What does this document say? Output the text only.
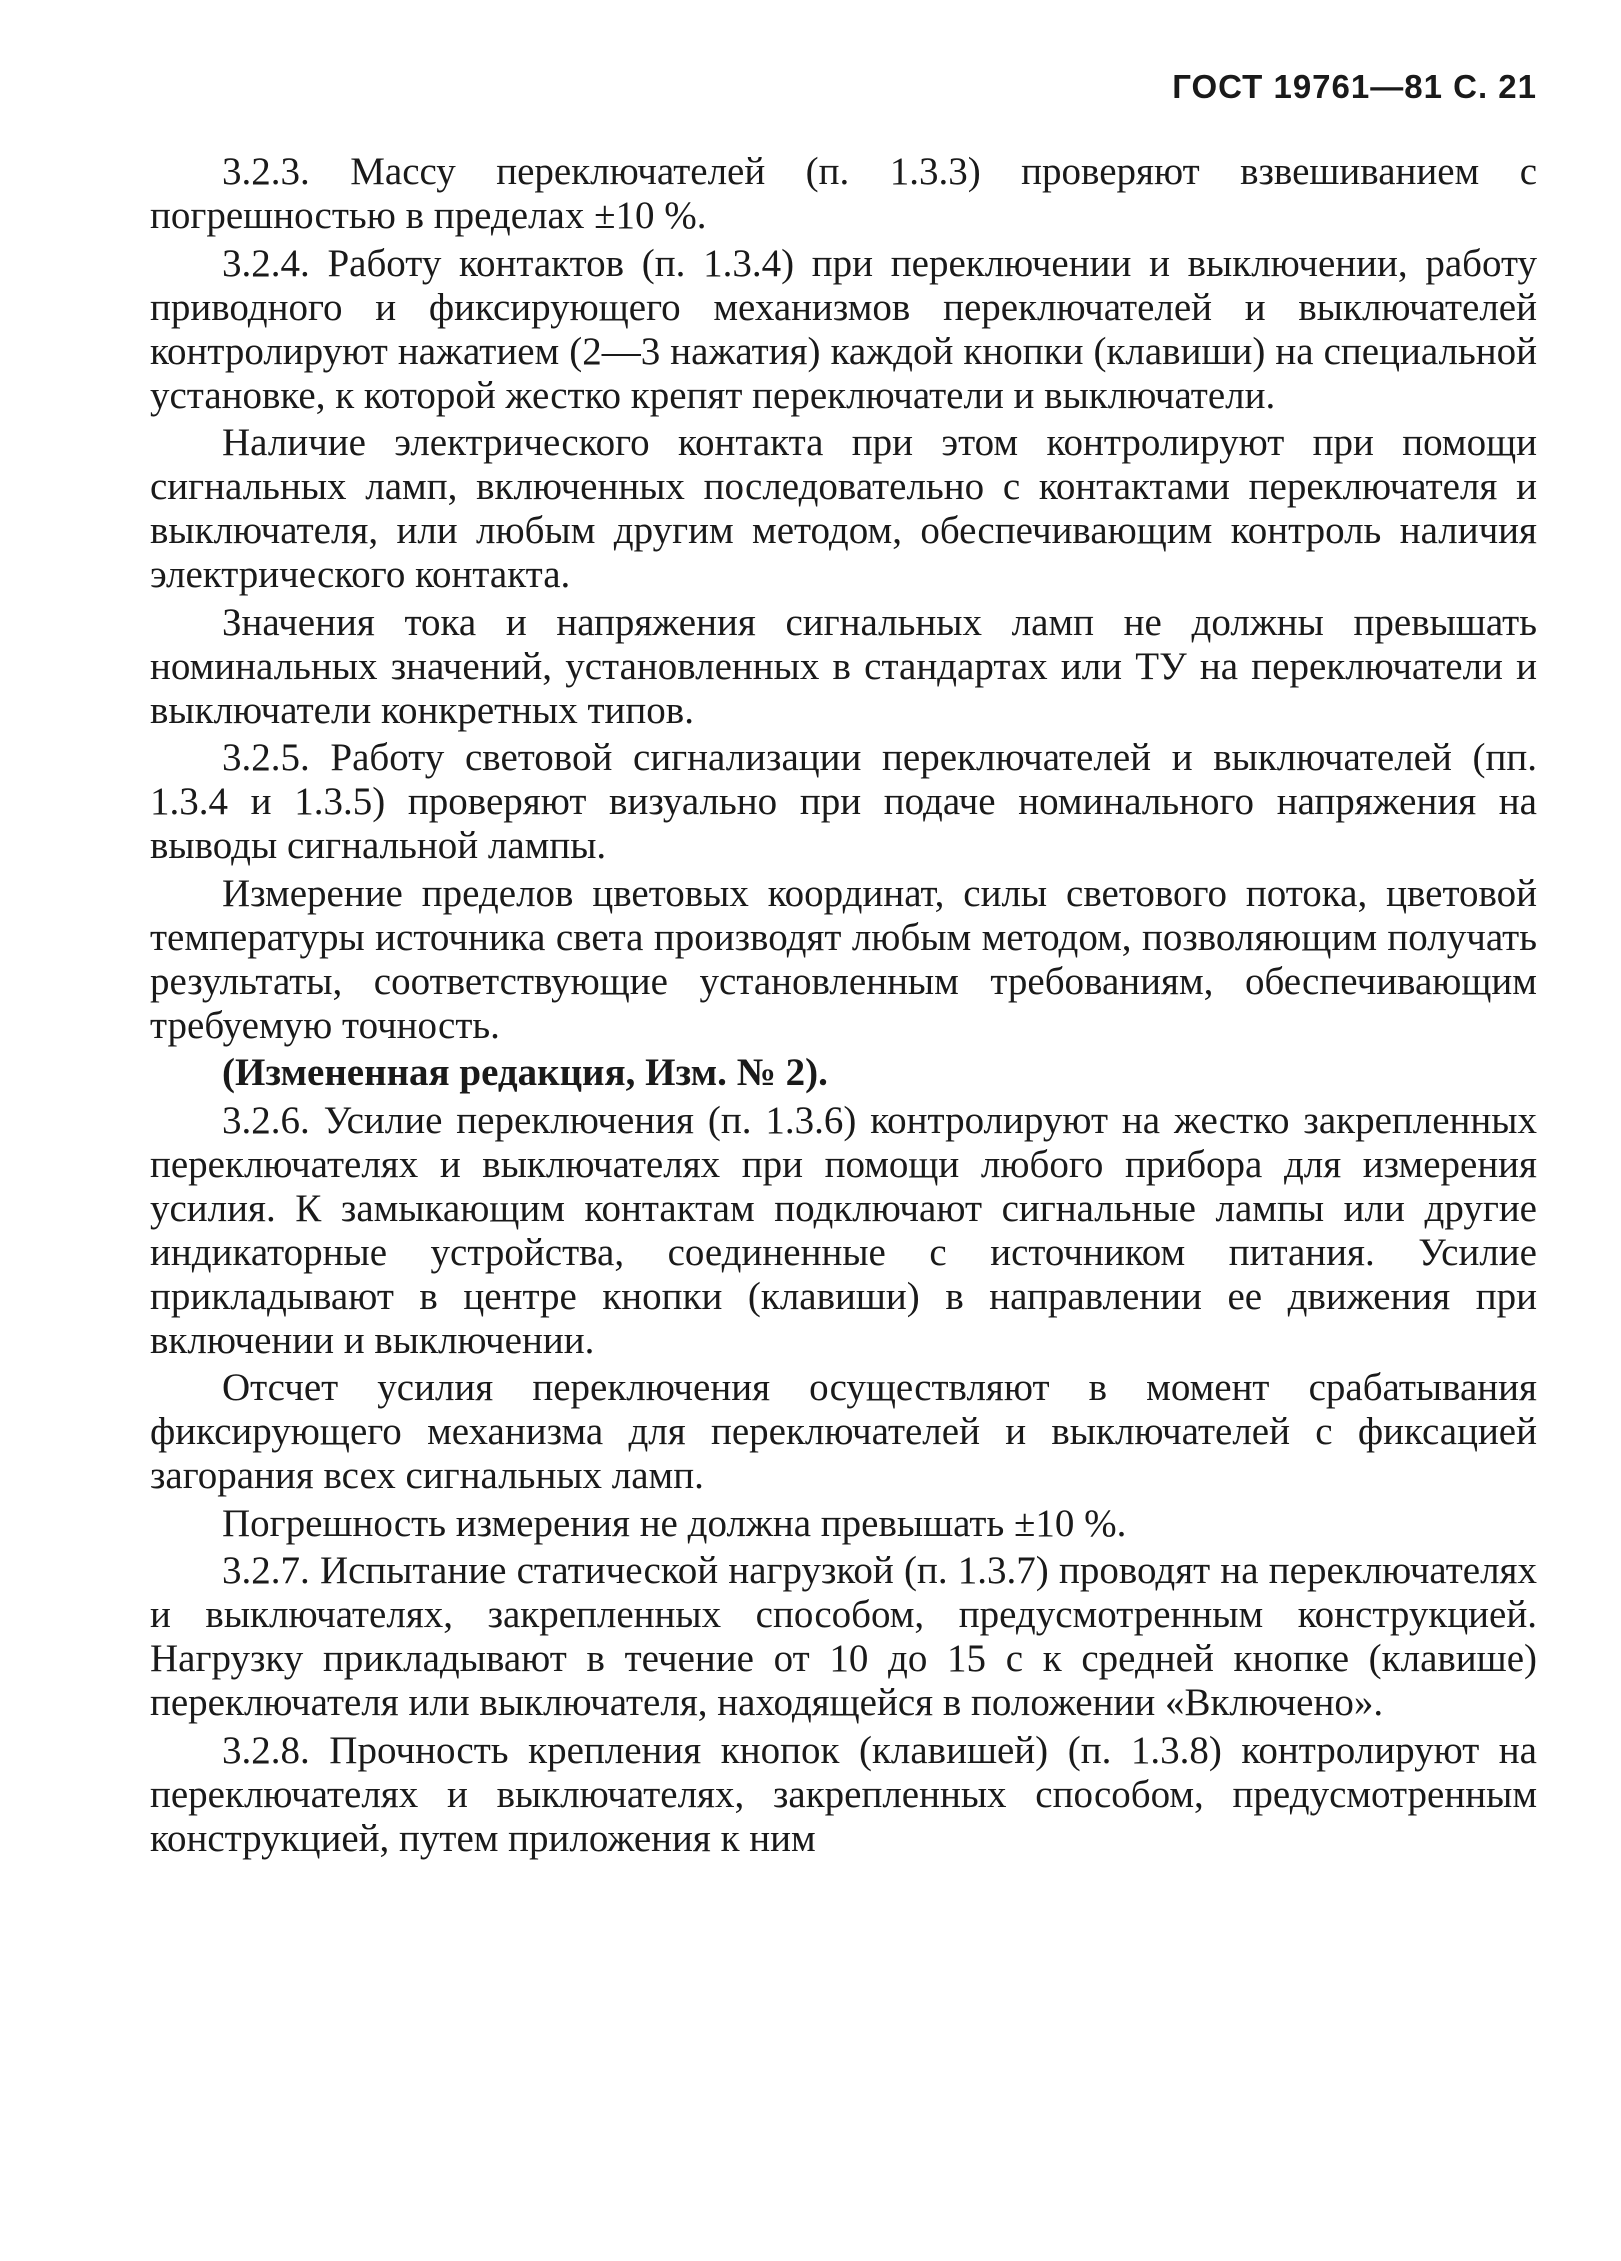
ГОСТ 19761—81 С. 21

3.2.3. Массу переключателей (п. 1.3.3) проверяют взвешиванием с погрешностью в пределах ±10 %.

3.2.4. Работу контактов (п. 1.3.4) при переключении и выключении, работу приводного и фиксирующего механизмов переключателей и выключателей контролируют нажатием (2—3 нажатия) каждой кнопки (клавиши) на специальной установке, к которой жестко крепят переключатели и выключатели.

Наличие электрического контакта при этом контролируют при помощи сигнальных ламп, включенных последовательно с контактами переключателя и выключателя, или любым другим методом, обеспечивающим контроль наличия электрического контакта.

Значения тока и напряжения сигнальных ламп не должны превышать номинальных значений, установленных в стандартах или ТУ на переключатели и выключатели конкретных типов.

3.2.5. Работу световой сигнализации переключателей и выключателей (пп. 1.3.4 и 1.3.5) проверяют визуально при подаче номинального напряжения на выводы сигнальной лампы.

Измерение пределов цветовых координат, силы светового потока, цветовой температуры источника света производят любым методом, позволяющим получать результаты, соответствующие установленным требованиям, обеспечивающим требуемую точность.

(Измененная редакция, Изм. № 2).

3.2.6. Усилие переключения (п. 1.3.6) контролируют на жестко закрепленных переключателях и выключателях при помощи любого прибора для измерения усилия. К замыкающим контактам подключают сигнальные лампы или другие индикаторные устройства, соединенные с источником питания. Усилие прикладывают в центре кнопки (клавиши) в направлении ее движения при включении и выключении.

Отсчет усилия переключения осуществляют в момент срабатывания фиксирующего механизма для переключателей и выключателей с фиксацией загорания всех сигнальных ламп.

Погрешность измерения не должна превышать ±10 %.

3.2.7. Испытание статической нагрузкой (п. 1.3.7) проводят на переключателях и выключателях, закрепленных способом, предусмотренным конструкцией. Нагрузку прикладывают в течение от 10 до 15 с к средней кнопке (клавише) переключателя или выключателя, находящейся в положении «Включено».

3.2.8. Прочность крепления кнопок (клавишей) (п. 1.3.8) контролируют на переключателях и выключателях, закрепленных способом, предусмотренным конструкцией, путем приложения к ним
